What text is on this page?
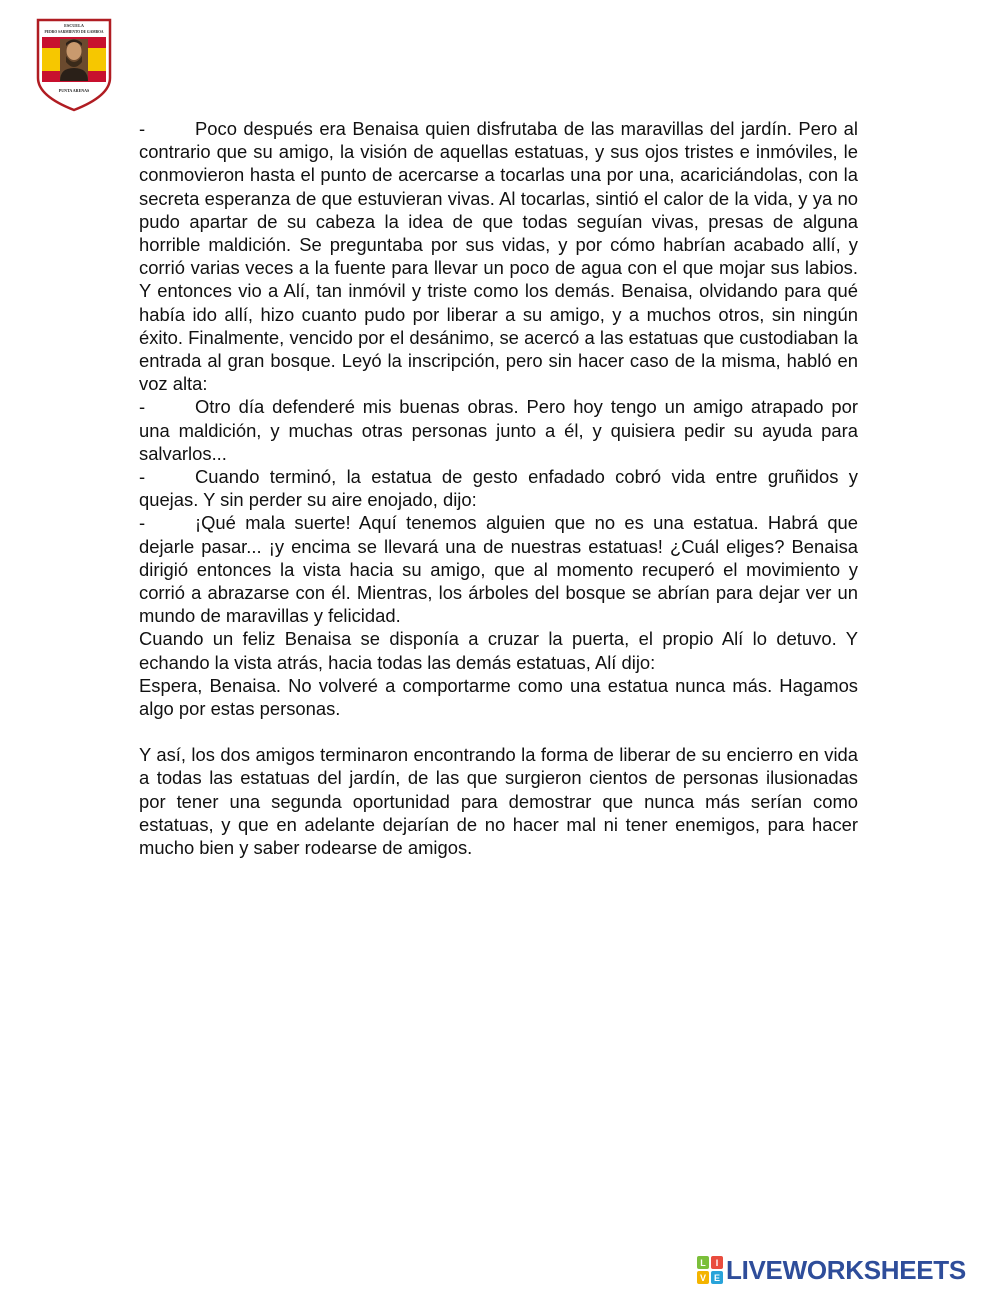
ESCUELA
PEDRO SARMIENTO DE GAMBOA
PUNTA ARENAS

-	Poco después era Benaisa quien disfrutaba de las maravillas del jardín. Pero al contrario que su amigo, la visión de aquellas estatuas, y sus ojos tristes e inmóviles, le conmovieron hasta el punto de acercarse a tocarlas una por una, acariciándolas, con la secreta esperanza de que estuvieran vivas. Al tocarlas, sintió el calor de la vida, y ya no pudo apartar de su cabeza la idea de que todas seguían vivas, presas de alguna horrible maldición. Se preguntaba por sus vidas, y por cómo habrían acabado allí, y corrió varias veces a la fuente para llevar un poco de agua con el que mojar sus labios. Y entonces vio a Alí, tan inmóvil y triste como los demás. Benaisa, olvidando para qué había ido allí, hizo cuanto pudo por liberar a su amigo, y a muchos otros, sin ningún éxito. Finalmente, vencido por el desánimo, se acercó a las estatuas que custodiaban la entrada al gran bosque. Leyó la inscripción, pero sin hacer caso de la misma, habló en voz alta:

-	Otro día defenderé mis buenas obras. Pero hoy tengo un amigo atrapado por una maldición, y muchas otras personas junto a él, y quisiera pedir su ayuda para salvarlos...

-	Cuando terminó, la estatua de gesto enfadado cobró vida entre gruñidos y quejas. Y sin perder su aire enojado, dijo:

-	¡Qué mala suerte! Aquí tenemos alguien que no es una estatua. Habrá que dejarle pasar... ¡y encima se llevará una de nuestras estatuas! ¿Cuál eliges? Benaisa dirigió entonces la vista hacia su amigo, que al momento recuperó el movimiento y corrió a abrazarse con él. Mientras, los árboles del bosque se abrían para dejar ver un mundo de maravillas y felicidad.

Cuando un feliz Benaisa se disponía a cruzar la puerta, el propio Alí lo detuvo. Y echando la vista atrás, hacia todas las demás estatuas, Alí dijo:

Espera, Benaisa. No volveré a comportarme como una estatua nunca más. Hagamos algo por estas personas.

Y así, los dos amigos terminaron encontrando la forma de liberar de su encierro en vida a todas las estatuas del jardín, de las que surgieron cientos de personas ilusionadas por tener una segunda oportunidad para demostrar que nunca más serían como estatuas, y que en adelante dejarían de no hacer mal ni tener enemigos, para hacer mucho bien y saber rodearse de amigos.

L I
V E LIVEWORKSHEETS
